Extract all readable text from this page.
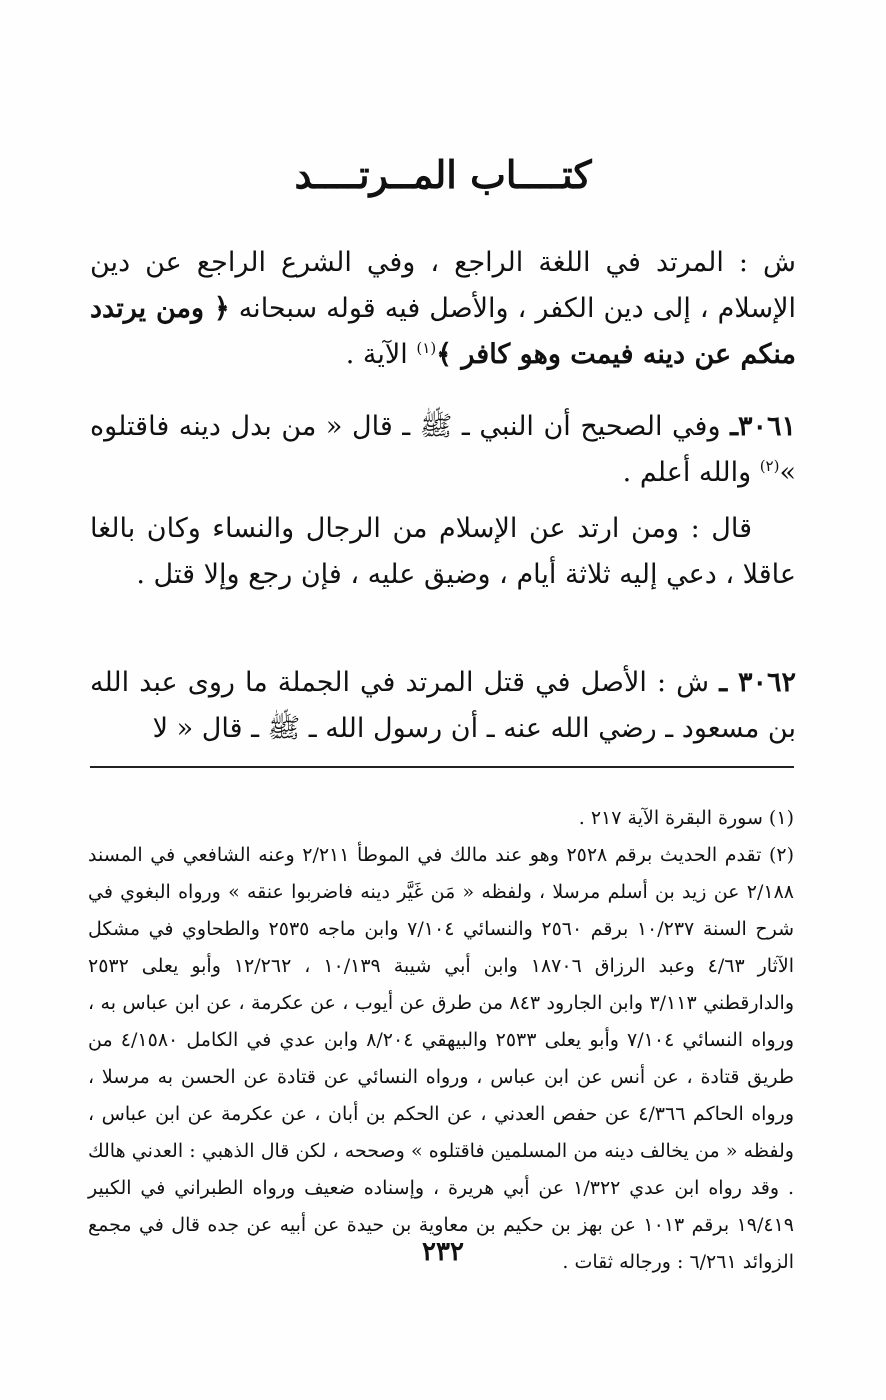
كتــــاب المــرتــــد

ش : المرتد في اللغة الراجع ، وفي الشرع الراجع عن دين الإسلام ، إلى دين الكفر ، والأصل فيه قوله سبحانه ﴿ ومن يرتدد منكم عن دينه فيمت وهو كافر ﴾$^{(١)}$ الآية .

٣٠٦١ـ وفي الصحيح أن النبي ـ ﷺ ـ قال « من بدل دينه فاقتلوه »$^{(٢)}$ والله أعلم .

قال : ومن ارتد عن الإسلام من الرجال والنساء وكان بالغا عاقلا ، دعي إليه ثلاثة أيام ، وضيق عليه ، فإن رجع وإلا قتل .

٣٠٦٢ ـ ش : الأصل في قتل المرتد في الجملة ما روى عبد الله بن مسعود ـ رضي الله عنه ـ أن رسول الله ـ ﷺ ـ قال « لا

(١) سورة البقرة الآية ٢١٧ .

(٢) تقدم الحديث برقم ٢٥٢٨ وهو عند مالك في الموطأ ٢/٢١١ وعنه الشافعي في المسند ٢/١٨٨ عن زيد بن أسلم مرسلا ، ولفظه « مَن غَيَّر دينه فاضربوا عنقه » ورواه البغوي في شرح السنة ١٠/٢٣٧ برقم ٢٥٦٠ والنسائي ٧/١٠٤ وابن ماجه ٢٥٣٥ والطحاوي في مشكل الآثار ٤/٦٣ وعبد الرزاق ١٨٧٠٦ وابن أبي شيبة ١٠/١٣٩ ، ١٢/٢٦٢ وأبو يعلى ٢٥٣٢ والدارقطني ٣/١١٣ وابن الجارود ٨٤٣ من طرق عن أيوب ، عن عكرمة ، عن ابن عباس به ، ورواه النسائي ٧/١٠٤ وأبو يعلى ٢٥٣٣ والبيهقي ٨/٢٠٤ وابن عدي في الكامل ٤/١٥٨٠ من طريق قتادة ، عن أنس عن ابن عباس ، ورواه النسائي عن قتادة عن الحسن به مرسلا ، ورواه الحاكم ٤/٣٦٦ عن حفص العدني ، عن الحكم بن أبان ، عن عكرمة عن ابن عباس ، ولفظه « من يخالف دينه من المسلمين فاقتلوه » وصححه ، لكن قال الذهبي : العدني هالك . وقد رواه ابن عدي ١/٣٢٢ عن أبي هريرة ، وإسناده ضعيف ورواه الطبراني في الكبير ١٩/٤١٩ برقم ١٠١٣ عن بهز بن حكيم بن معاوية بن حيدة عن أبيه عن جده قال في مجمع الزوائد ٦/٢٦١ : ورجاله ثقات .

٢٣٢
